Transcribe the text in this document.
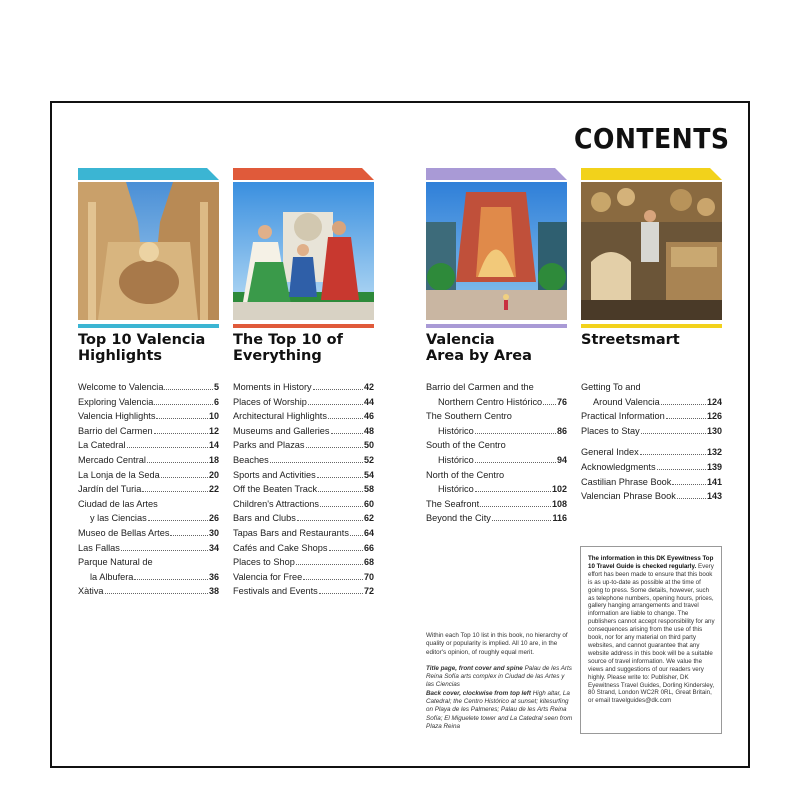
CONTENTS
Top 10 Valencia
Highlights
Welcome to Valencia	5
Exploring Valencia	6
Valencia Highlights	10
Barrio del Carmen	12
La Catedral	14
Mercado Central	18
La Lonja de la Seda	20
Jardín del Turia	22
Ciudad de las Artes
y las Ciencias	26
Museo de Bellas Artes	30
Las Fallas	34
Parque Natural de
la Albufera	36
Xàtiva	38
The Top 10 of
Everything
Moments in History	42
Places of Worship	44
Architectural Highlights	46
Museums and Galleries	48
Parks and Plazas	50
Beaches	52
Sports and Activities	54
Off the Beaten Track	58
Children's Attractions	60
Bars and Clubs	62
Tapas Bars and Restaurants 64
Cafés and Cake Shops	66
Places to Shop	68
Valencia for Free	70
Festivals and Events	72
Valencia
Area by Area
Barrio del Carmen and the
Northern Centro Histórico 76
The Southern Centro
Histórico	86
South of the Centro
Histórico	94
North of the Centro
Histórico	102
The Seafront	108
Beyond the City	116
Streetsmart

Getting To and
Around Valencia	124
Practical Information	126
Places to Stay	130
General Index	132
Acknowledgments	139
Castilian Phrase Book	141
Valencian Phrase Book	143

Within each Top 10 list in this book, no hierarchy of quality or popularity is implied. All 10 are, in the editor's opinion, of roughly equal merit.

Title page, front cover and spine Palau de les Arts Reina Sofía arts complex in Ciudad de las Artes y las Ciencias
Back cover, clockwise from top left High altar, La Catedral; the Centro Histórico at sunset; kitesurfing on Playa de les Palmeres; Palau de les Arts Reina Sofía; El Miguelete tower and La Catedral seen from Plaza Reina

The information in this DK Eyewitness Top 10 Travel Guide is checked regularly. Every effort has been made to ensure that this book is as up-to-date as possible at the time of going to press. Some details, however, such as telephone numbers, opening hours, prices, gallery hanging arrangements and travel information are liable to change. The publishers cannot accept responsibility for any consequences arising from the use of this book, nor for any material on third party websites, and cannot guarantee that any website address in this book will be a suitable source of travel information. We value the views and suggestions of our readers very highly. Please write to: Publisher, DK Eyewitness Travel Guides, Dorling Kindersley, 80 Strand, London WC2R 0RL, Great Britain, or email travelguides@dk.com
